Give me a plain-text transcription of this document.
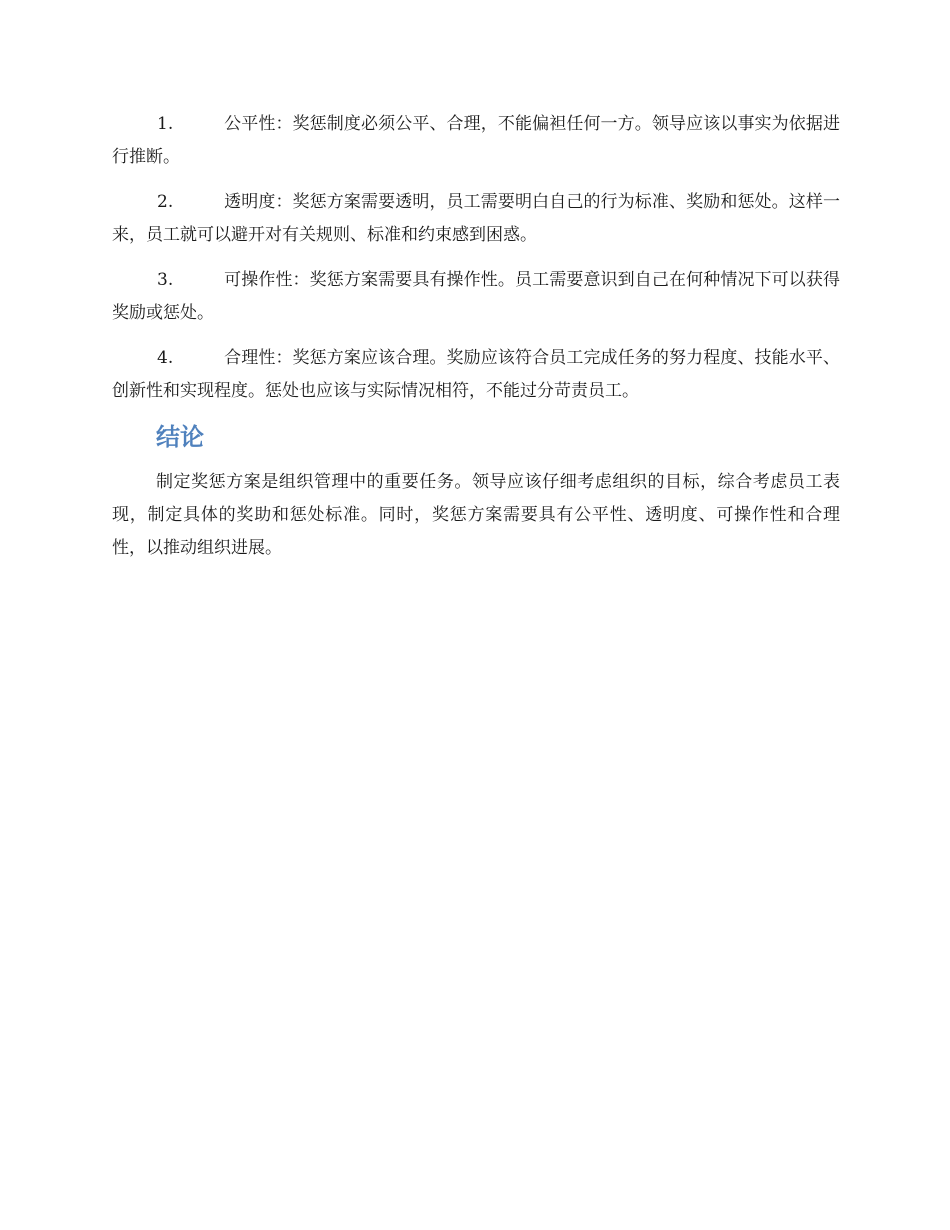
1.	公平性：奖惩制度必须公平、合理，不能偏袒任何一方。领导应该以事实为依据进行推断。

2.	透明度：奖惩方案需要透明，员工需要明白自己的行为标准、奖励和惩处。这样一来，员工就可以避开对有关规则、标准和约束感到困惑。

3.	可操作性：奖惩方案需要具有操作性。员工需要意识到自己在何种情况下可以获得奖励或惩处。

4.	合理性：奖惩方案应该合理。奖励应该符合员工完成任务的努力程度、技能水平、创新性和实现程度。惩处也应该与实际情况相符，不能过分苛责员工。

结论

制定奖惩方案是组织管理中的重要任务。领导应该仔细考虑组织的目标，综合考虑员工表现，制定具体的奖助和惩处标准。同时，奖惩方案需要具有公平性、透明度、可操作性和合理性，以推动组织进展。
